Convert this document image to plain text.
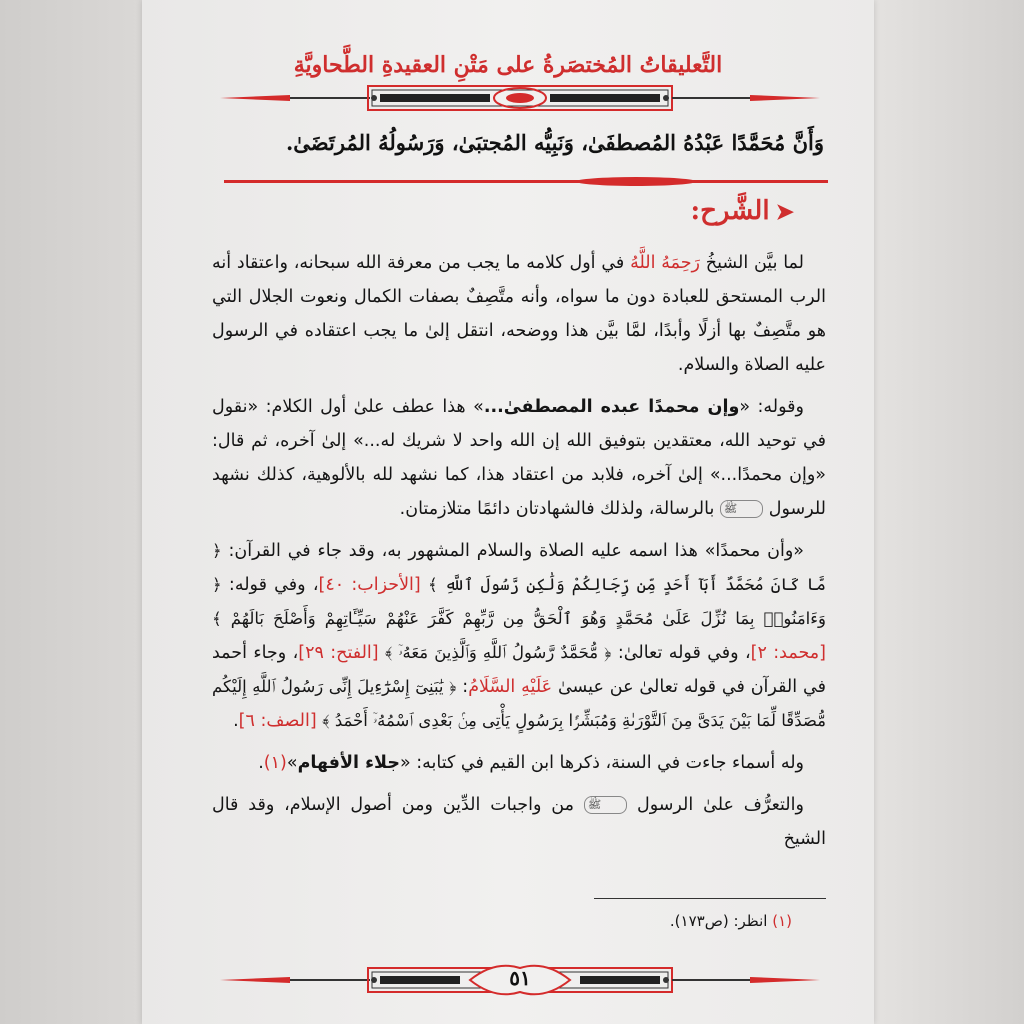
التَّعليقاتُ المُختصَرةُ على مَتْنِ العقيدةِ الطَّحاويَّةِ

وَأَنَّ مُحَمَّدًا عَبْدُهُ المُصطفَىٰ، وَنَبِيُّه المُجتبَىٰ، وَرَسُولُهُ المُرتَضَىٰ.

➤الشَّرح:

لما بيَّن الشيخُ رَحِمَهُ اللَّهُ في أول كلامه ما يجب من معرفة الله سبحانه، واعتقاد أنه الرب المستحق للعبادة دون ما سواه، وأنه متَّصِفٌ بصفات الكمال ونعوت الجلال التي هو متَّصِفٌ بها أزلًا وأبدًا، لمَّا بيَّن هذا ووضحه، انتقل إلىٰ ما يجب اعتقاده في الرسول عليه الصلاة والسلام.

وقوله: «وإن محمدًا عبده المصطفىٰ...» هذا عطف علىٰ أول الكلام: «نقول في توحيد الله، معتقدين بتوفيق الله إن الله واحد لا شريك له...» إلىٰ آخره، ثم قال: «وإن محمدًا...» إلىٰ آخره، فلابد من اعتقاد هذا، كما نشهد لله بالألوهية، كذلك نشهد للرسول ﷺ بالرسالة، ولذلك فالشهادتان دائمًا متلازمتان.

«وأن محمدًا» هذا اسمه عليه الصلاة والسلام المشهور به، وقد جاء في القرآن: ﴿ مَّا كَانَ مُحَمَّدٌ أَبَآ أَحَدٍ مِّن رِّجَالِكُمْ وَلَٰكِن رَّسُولَ ٱللَّهِ ﴾ [الأحزاب: ٤٠]، وفي قوله: ﴿ وَءَامَنُوا۟ بِمَا نُزِّلَ عَلَىٰ مُحَمَّدٍ وَهُوَ ٱلْحَقُّ مِن رَّبِّهِمْ كَفَّرَ عَنْهُمْ سَيِّـَٔاتِهِمْ وَأَصْلَحَ بَالَهُمْ ﴾ [محمد: ٢]، وفي قوله تعالىٰ: ﴿ مُّحَمَّدٌ رَّسُولُ ٱللَّهِ وَٱلَّذِينَ مَعَهُۥٓ ﴾ [الفتح: ٢٩]، وجاء أحمد في القرآن في قوله تعالىٰ عن عيسىٰ عَلَيْهِ السَّلَامُ: ﴿ يَٰبَنِىٓ إِسْرَٰٓءِيلَ إِنِّى رَسُولُ ٱللَّهِ إِلَيْكُم مُّصَدِّقًا لِّمَا بَيْنَ يَدَىَّ مِنَ ٱلتَّوْرَىٰةِ وَمُبَشِّرًۢا بِرَسُولٍ يَأْتِى مِنۢ بَعْدِى ٱسْمُهُۥٓ أَحْمَدُ ﴾ [الصف: ٦].

وله أسماء جاءت في السنة، ذكرها ابن القيم في كتابه: «جلاء الأفهام»(١).

والتعرُّف علىٰ الرسول ﷺ من واجبات الدِّين ومن أصول الإسلام، وقد قال الشيخ

(١) انظر: (ص١٧٣).

٥١
